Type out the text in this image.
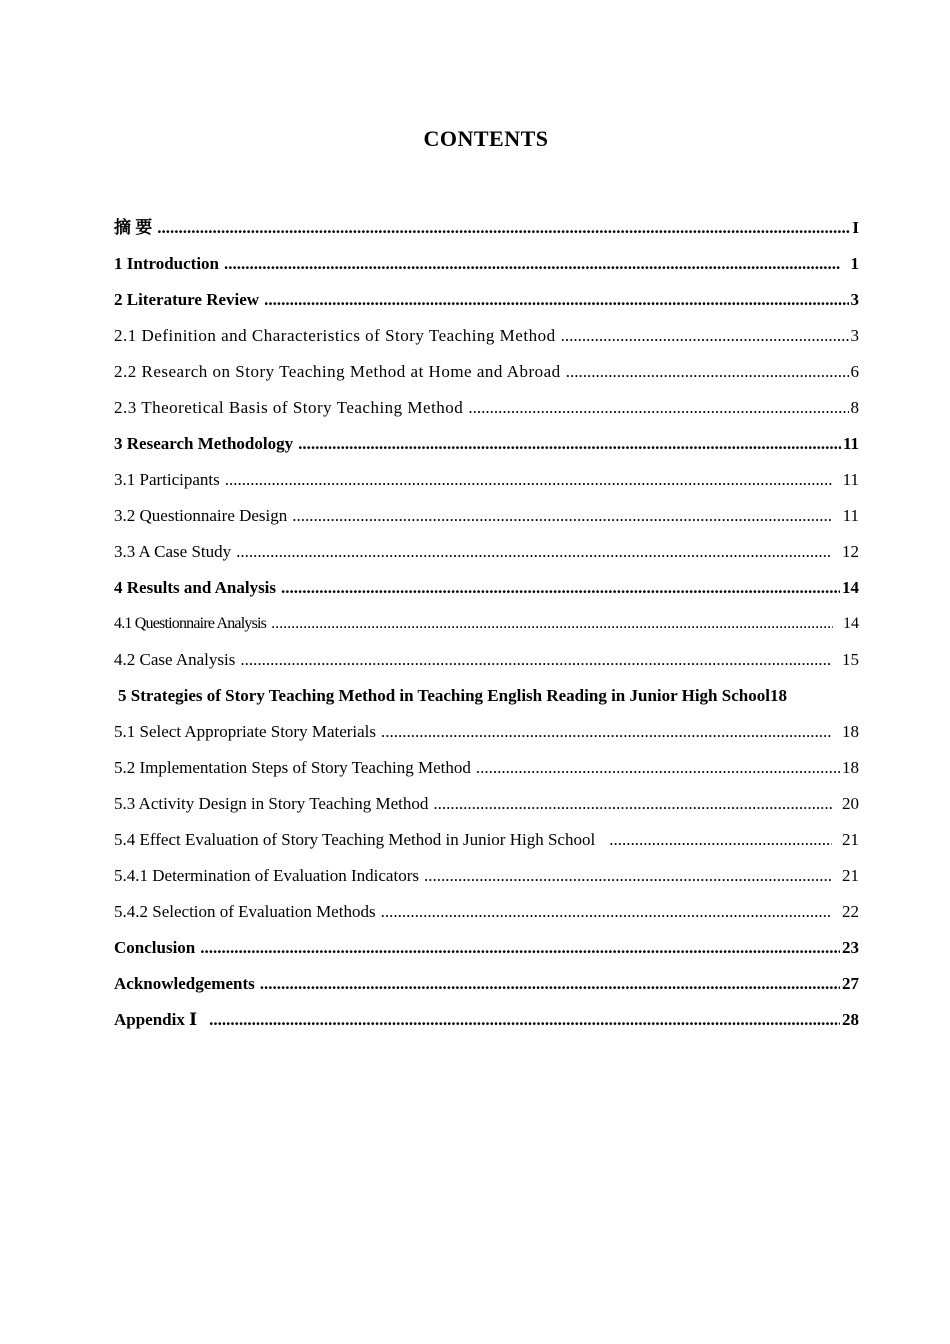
CONTENTS
摘 要 .....	I
1 Introduction .....	1
2 Literature Review .....	3
2.1 Definition and Characteristics of Story Teaching Method .....	3
2.2 Research on Story Teaching Method at Home and Abroad .....	6
2.3 Theoretical Basis of Story Teaching Method .....	8
3 Research Methodology .....	11
3.1 Participants .....	11
3.2 Questionnaire Design .....	11
3.3 A Case Study .....	12
4 Results and Analysis .....	14
4.1 Questionnaire Analysis .....	14
4.2 Case Analysis .....	15
5 Strategies of Story Teaching Method in Teaching English Reading in Junior High School 18
5.1 Select Appropriate Story Materials .....	18
5.2 Implementation Steps of Story Teaching Method .....	18
5.3 Activity Design in Story Teaching Method .....	20
5.4 Effect Evaluation of Story Teaching Method in Junior High School .....	21
5.4.1 Determination of Evaluation Indicators .....	21
5.4.2 Selection of Evaluation Methods .....	22
Conclusion .....	23
Acknowledgements .....	27
Appendix Ⅰ .....	28
